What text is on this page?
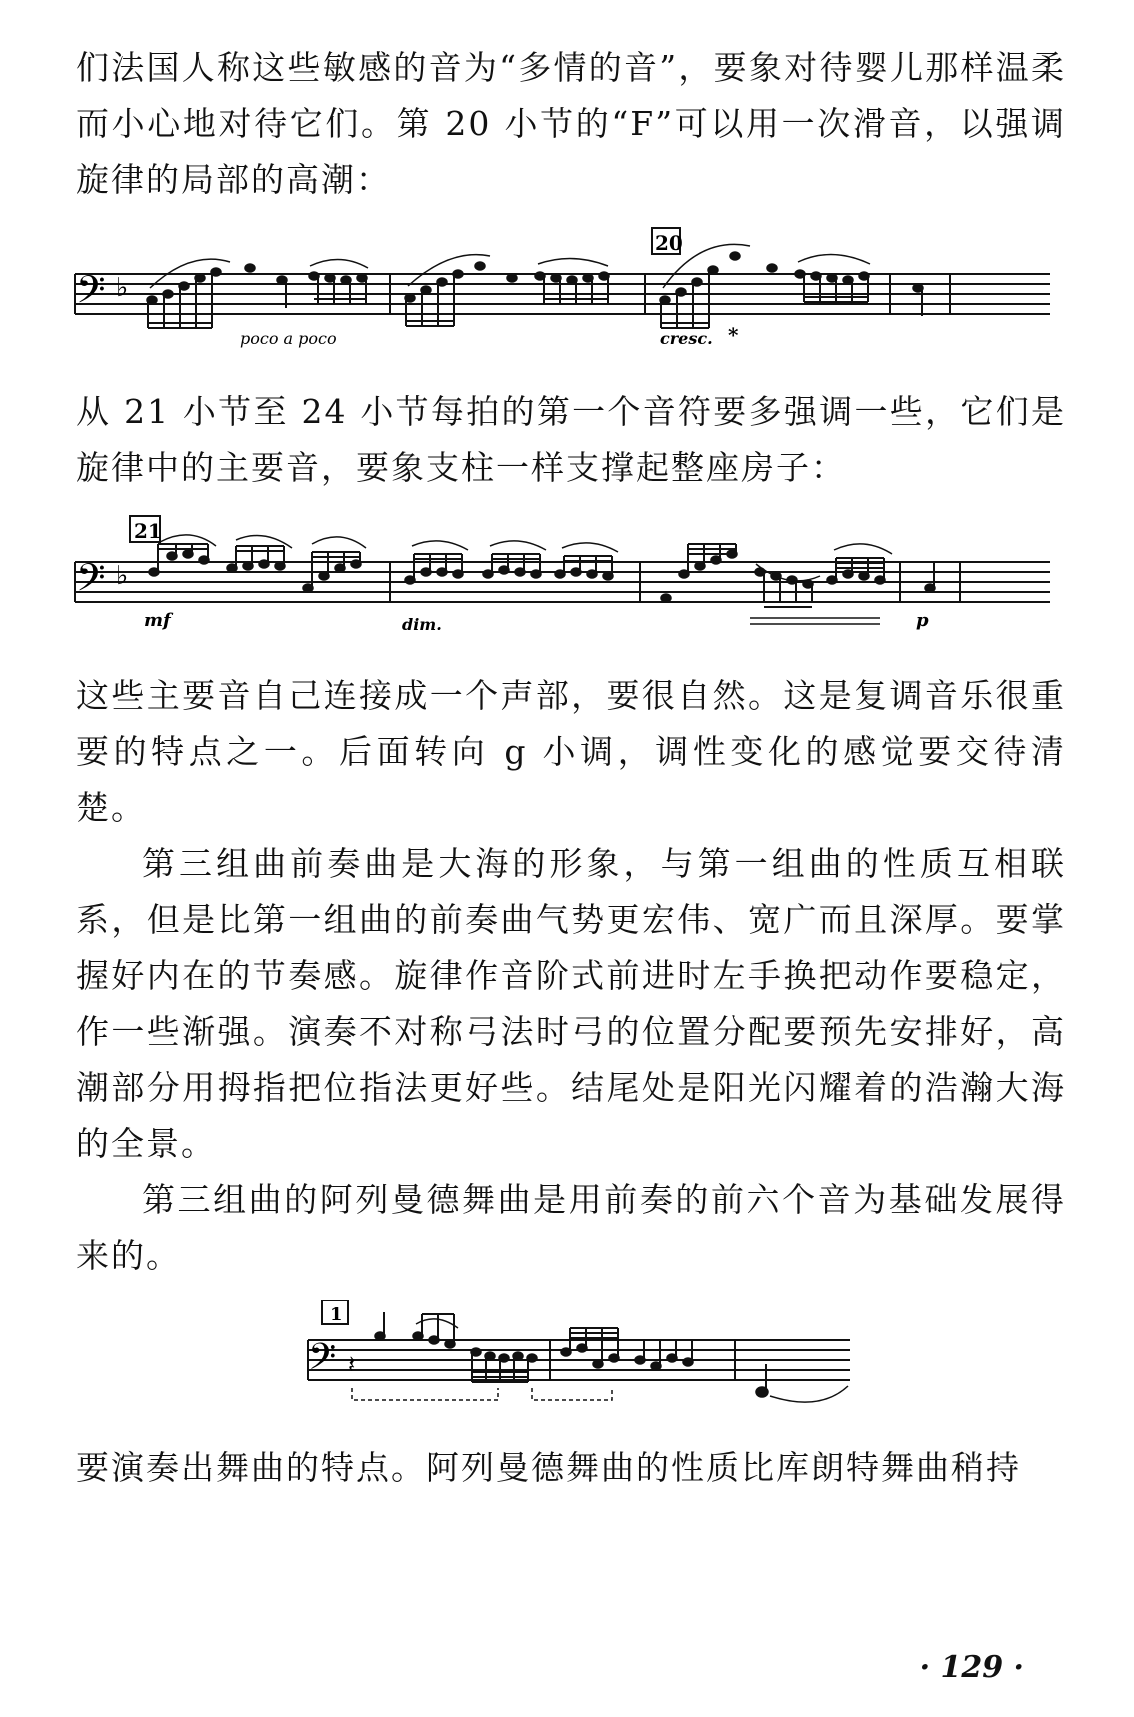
们法国人称这些敏感的音为“多情的音”，要象对待婴儿那样温柔而小心地对待它们。第 20 小节的“F”可以用一次滑音，以强调旋律的局部的高潮：

𝄢 ♭
20
poco a poco	cresc. *

从 21 小节至 24 小节每拍的第一个音符要多强调一些，它们是旋律中的主要音，要象支柱一样支撑起整座房子：

𝄢 ♭
21
mf	dim.	p

这些主要音自己连接成一个声部，要很自然。这是复调音乐很重要的特点之一。后面转向 g 小调，调性变化的感觉要交待清楚。

第三组曲前奏曲是大海的形象，与第一组曲的性质互相联系，但是比第一组曲的前奏曲气势更宏伟、宽广而且深厚。要掌握好内在的节奏感。旋律作音阶式前进时左手换把动作要稳定，作一些渐强。演奏不对称弓法时弓的位置分配要预先安排好，高潮部分用拇指把位指法更好些。结尾处是阳光闪耀着的浩瀚大海的全景。

第三组曲的阿列曼德舞曲是用前奏的前六个音为基础发展得来的。

𝄢 𝄽
1

要演奏出舞曲的特点。阿列曼德舞曲的性质比库朗特舞曲稍持

· 129 ·
